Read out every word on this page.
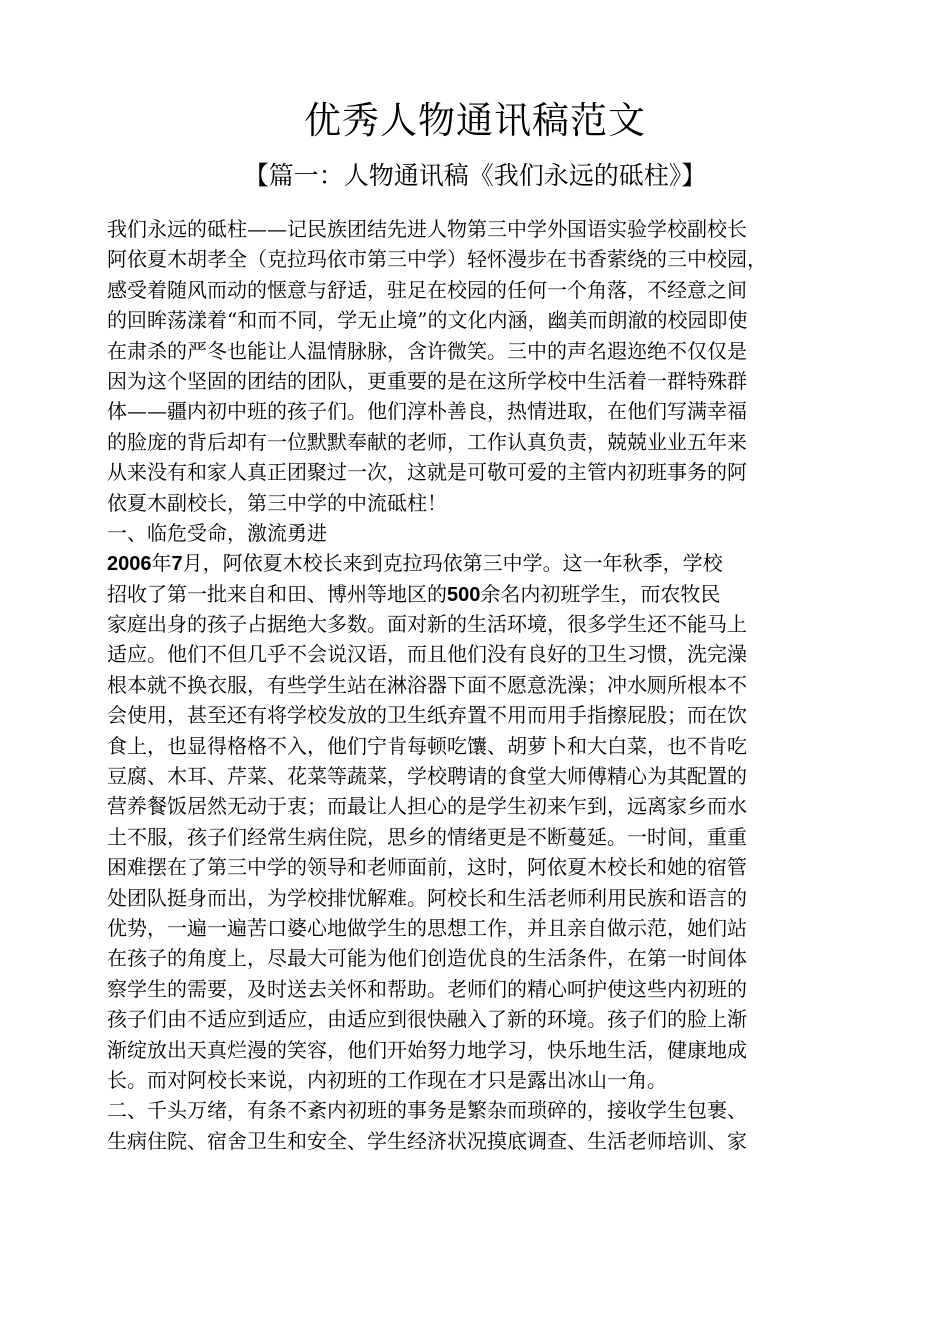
优秀人物通讯稿范文
【篇一：人物通讯稿《我们永远的砥柱》】

我们永远的砥柱——记民族团结先进人物第三中学外国语实验学校副校长

阿依夏木胡孝全（克拉玛依市第三中学）轻怀漫步在书香萦绕的三中校园，

感受着随风而动的惬意与舒适，驻足在校园的任何一个角落，不经意之间

的回眸荡漾着“和而不同，学无止境”的文化内涵，幽美而朗澈的校园即使

在肃杀的严冬也能让人温情脉脉，含许微笑。三中的声名遐迩绝不仅仅是

因为这个坚固的团结的团队，更重要的是在这所学校中生活着一群特殊群

体——疆内初中班的孩子们。他们淳朴善良，热情进取，在他们写满幸福

的脸庞的背后却有一位默默奉献的老师，工作认真负责，兢兢业业五年来

从来没有和家人真正团聚过一次，这就是可敬可爱的主管内初班事务的阿

依夏木副校长，第三中学的中流砥柱！

一、临危受命，激流勇进

2006年7月，阿依夏木校长来到克拉玛依第三中学。这一年秋季，学校

招收了第一批来自和田、博州等地区的500余名内初班学生，而农牧民

家庭出身的孩子占据绝大多数。面对新的生活环境，很多学生还不能马上

适应。他们不但几乎不会说汉语，而且他们没有良好的卫生习惯，洗完澡

根本就不换衣服，有些学生站在淋浴器下面不愿意洗澡；冲水厕所根本不

会使用，甚至还有将学校发放的卫生纸弃置不用而用手指擦屁股；而在饮

食上，也显得格格不入，他们宁肯每顿吃馕、胡萝卜和大白菜，也不肯吃

豆腐、木耳、芹菜、花菜等蔬菜，学校聘请的食堂大师傅精心为其配置的

营养餐饭居然无动于衷；而最让人担心的是学生初来乍到，远离家乡而水

土不服，孩子们经常生病住院，思乡的情绪更是不断蔓延。一时间，重重

困难摆在了第三中学的领导和老师面前，这时，阿依夏木校长和她的宿管

处团队挺身而出，为学校排忧解难。阿校长和生活老师利用民族和语言的

优势，一遍一遍苦口婆心地做学生的思想工作，并且亲自做示范，她们站

在孩子的角度上，尽最大可能为他们创造优良的生活条件，在第一时间体

察学生的需要，及时送去关怀和帮助。老师们的精心呵护使这些内初班的

孩子们由不适应到适应，由适应到很快融入了新的环境。孩子们的脸上渐

渐绽放出天真烂漫的笑容，他们开始努力地学习，快乐地生活，健康地成

长。而对阿校长来说，内初班的工作现在才只是露出冰山一角。

二、千头万绪，有条不紊内初班的事务是繁杂而琐碎的，接收学生包裹、

生病住院、宿舍卫生和安全、学生经济状况摸底调查、生活老师培训、家
